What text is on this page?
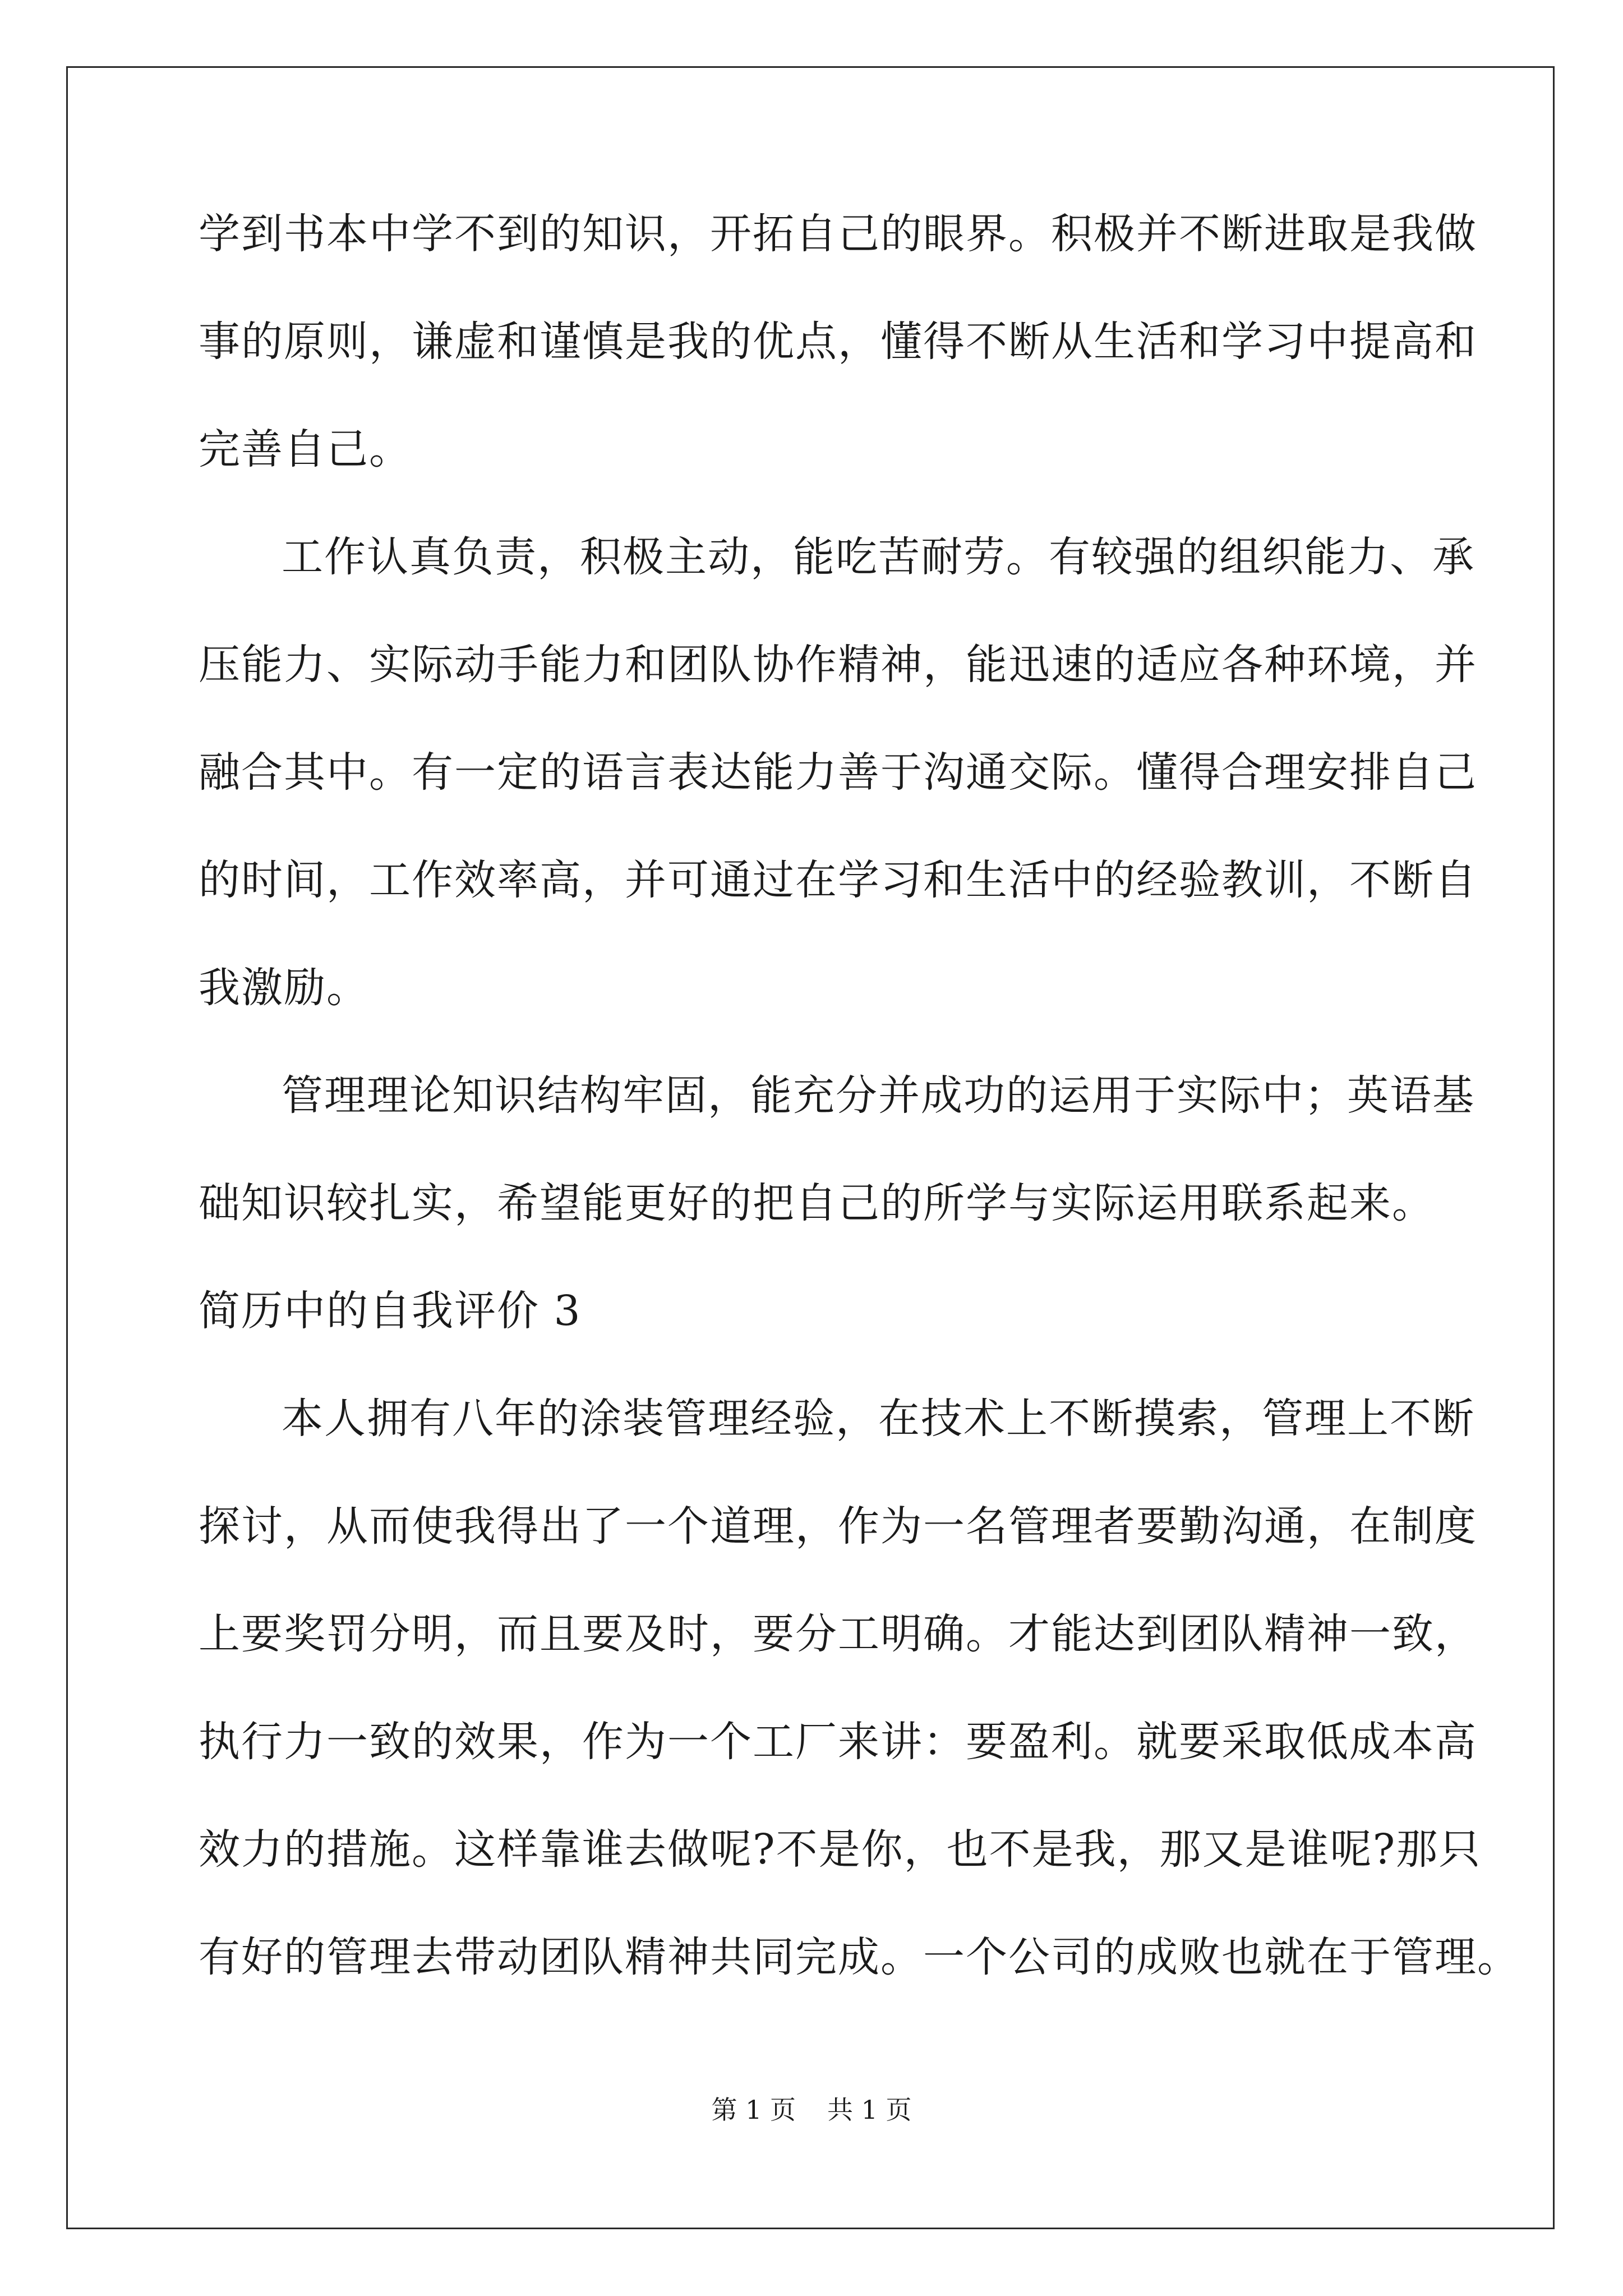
学到书本中学不到的知识，开拓自己的眼界。积极并不断进取是我做
事的原则，谦虚和谨慎是我的优点，懂得不断从生活和学习中提高和
完善自己。
工作认真负责，积极主动，能吃苦耐劳。有较强的组织能力、承
压能力、实际动手能力和团队协作精神，能迅速的适应各种环境，并
融合其中。有一定的语言表达能力善于沟通交际。懂得合理安排自己
的时间，工作效率高，并可通过在学习和生活中的经验教训，不断自
我激励。
管理理论知识结构牢固，能充分并成功的运用于实际中；英语基
础知识较扎实，希望能更好的把自己的所学与实际运用联系起来。
简历中的自我评价 3
本人拥有八年的涂装管理经验，在技术上不断摸索，管理上不断
探讨，从而使我得出了一个道理，作为一名管理者要勤沟通，在制度
上要奖罚分明，而且要及时，要分工明确。才能达到团队精神一致，
执行力一致的效果，作为一个工厂来讲：要盈利。就要采取低成本高
效力的措施。这样靠谁去做呢?不是你，也不是我，那又是谁呢?那只
有好的管理去带动团队精神共同完成。一个公司的成败也就在于管理。
第 1 页 共 1 页
